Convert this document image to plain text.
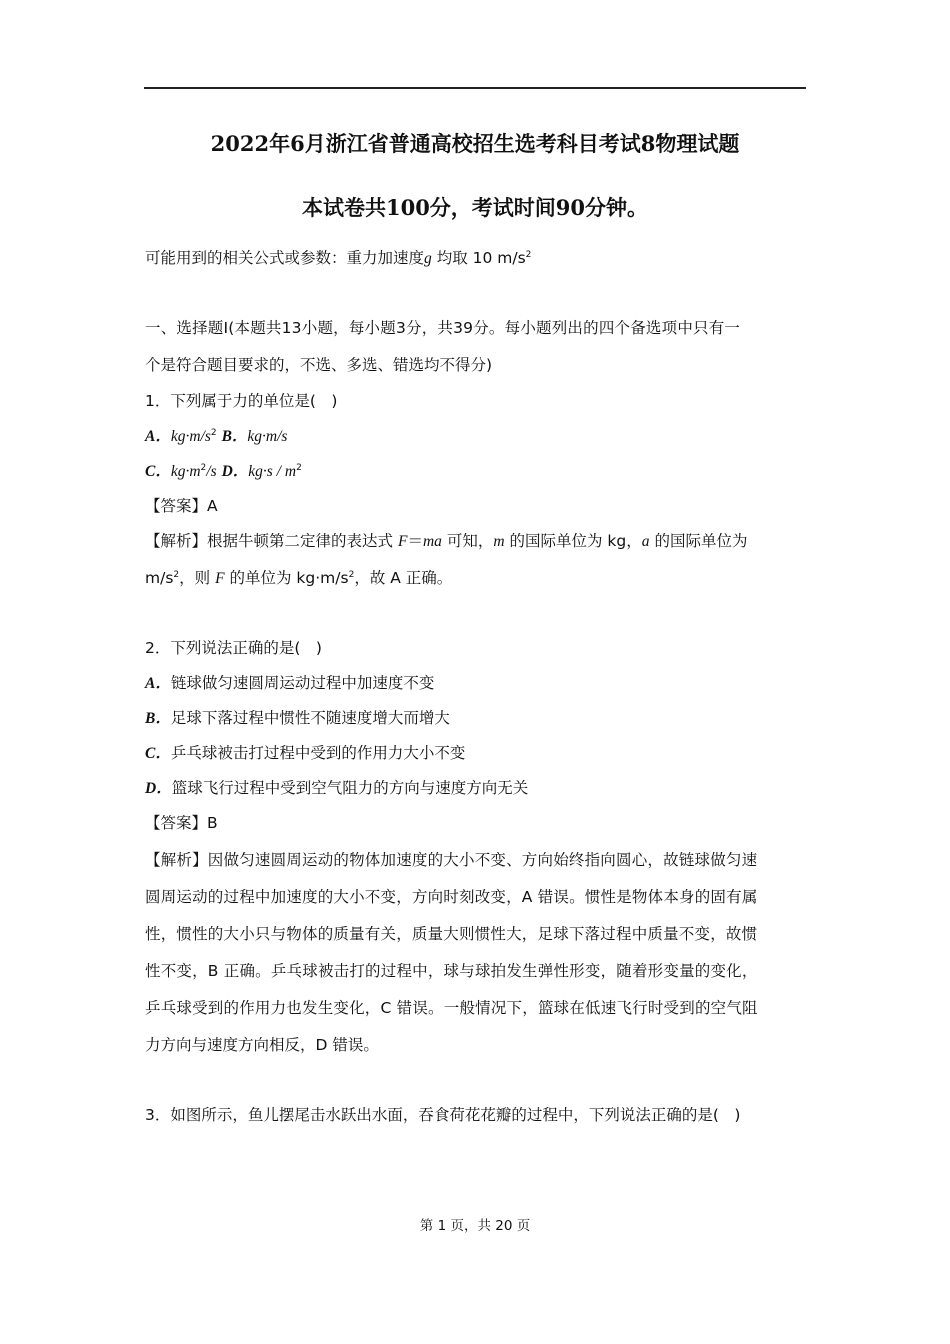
2022年6月浙江省普通高校招生选考科目考试8物理试题
本试卷共100分，考试时间90分钟。
可能用到的相关公式或参数：重力加速度g 均取 10 $m/s^2$
一、选择题Ⅰ(本题共13小题，每小题3分，共39分。每小题列出的四个备选项中只有一
个是符合题目要求的，不选、多选、错选均不得分)
1．下列属于力的单位是(　)
A．$kg\cdot m/s^2$ B．kg·m/s
C．$kg\cdot m^2/s$ D．$kg\cdot s / m^2$
【答案】A
【解析】根据牛顿第二定律的表达式 F＝ma 可知，m 的国际单位为 kg，a 的国际单位为
$m/s^2$，则 F 的单位为 $kg\cdot m/s^2$，故 A 正确。
2．下列说法正确的是(　)
A．链球做匀速圆周运动过程中加速度不变
B．足球下落过程中惯性不随速度增大而增大
C．乒乓球被击打过程中受到的作用力大小不变
D．篮球飞行过程中受到空气阻力的方向与速度方向无关
【答案】B
【解析】因做匀速圆周运动的物体加速度的大小不变、方向始终指向圆心，故链球做匀速
圆周运动的过程中加速度的大小不变，方向时刻改变，A 错误。惯性是物体本身的固有属
性，惯性的大小只与物体的质量有关，质量大则惯性大，足球下落过程中质量不变，故惯
性不变，B 正确。乒乓球被击打的过程中，球与球拍发生弹性形变，随着形变量的变化，
乒乓球受到的作用力也发生变化，C 错误。一般情况下，篮球在低速飞行时受到的空气阻
力方向与速度方向相反，D 错误。
3．如图所示，鱼儿摆尾击水跃出水面，吞食荷花花瓣的过程中，下列说法正确的是(　)
第 1 页，共 20 页
